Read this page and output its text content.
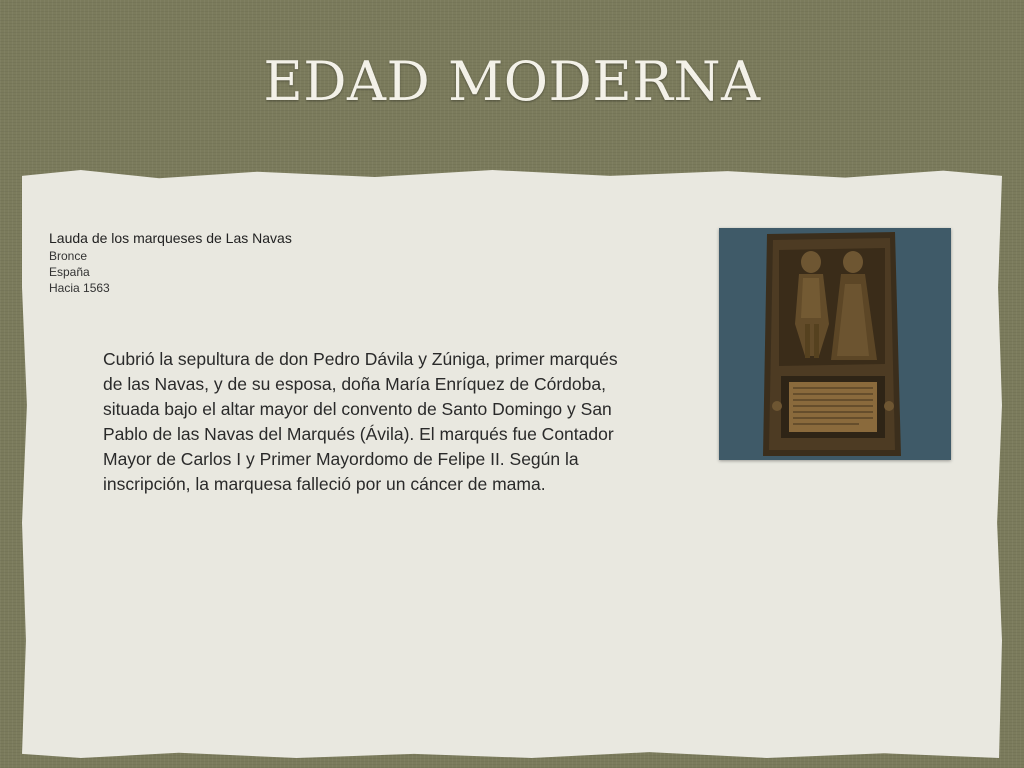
EDAD MODERNA
Lauda de los marqueses de Las Navas
Bronce
España
Hacia 1563
Cubrió la sepultura de don Pedro Dávila y Zúniga, primer marqués de las Navas, y de su esposa, doña María Enríquez de Córdoba, situada bajo el altar mayor del convento de Santo Domingo y San Pablo de las Navas del Marqués (Ávila). El marqués fue Contador Mayor de Carlos I y Primer Mayordomo de Felipe II. Según la inscripción, la marquesa falleció por un cáncer de mama.
